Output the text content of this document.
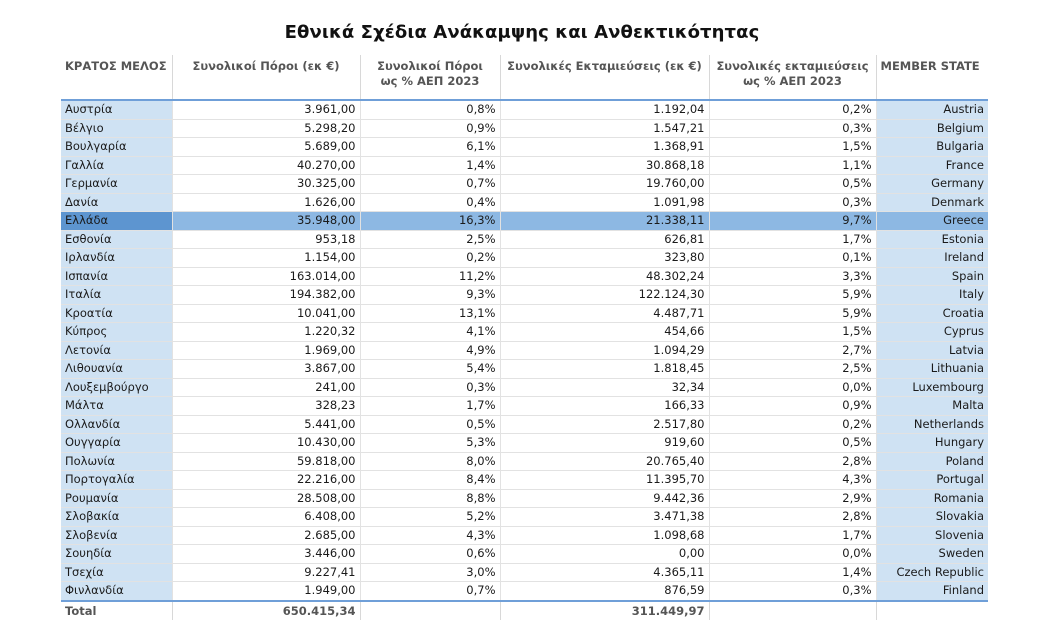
Εθνικά Σχέδια Ανάκαμψης και Ανθεκτικότητας
ΚΡΑΤΟΣ ΜΕΛΟΣ	Συνολικοί Πόροι (εκ €)	Συνολικοί Πόροι
ως % ΑΕΠ 2023	Συνολικές Εκταμιεύσεις (εκ €)	Συνολικές εκταμιεύσεις
ως % ΑΕΠ 2023	MEMBER STATE
Αυστρία	3.961,00	0,8%	1.192,04	0,2%	Austria
Βέλγιο	5.298,20	0,9%	1.547,21	0,3%	Belgium
Βουλγαρία	5.689,00	6,1%	1.368,91	1,5%	Bulgaria
Γαλλία	40.270,00	1,4%	30.868,18	1,1%	France
Γερμανία	30.325,00	0,7%	19.760,00	0,5%	Germany
Δανία	1.626,00	0,4%	1.091,98	0,3%	Denmark
Ελλάδα	35.948,00	16,3%	21.338,11	9,7%	Greece
Εσθονία	953,18	2,5%	626,81	1,7%	Estonia
Ιρλανδία	1.154,00	0,2%	323,80	0,1%	Ireland
Ισπανία	163.014,00	11,2%	48.302,24	3,3%	Spain
Ιταλία	194.382,00	9,3%	122.124,30	5,9%	Italy
Κροατία	10.041,00	13,1%	4.487,71	5,9%	Croatia
Κύπρος	1.220,32	4,1%	454,66	1,5%	Cyprus
Λετονία	1.969,00	4,9%	1.094,29	2,7%	Latvia
Λιθουανία	3.867,00	5,4%	1.818,45	2,5%	Lithuania
Λουξεμβούργο	241,00	0,3%	32,34	0,0%	Luxembourg
Μάλτα	328,23	1,7%	166,33	0,9%	Malta
Ολλανδία	5.441,00	0,5%	2.517,80	0,2%	Netherlands
Ουγγαρία	10.430,00	5,3%	919,60	0,5%	Hungary
Πολωνία	59.818,00	8,0%	20.765,40	2,8%	Poland
Πορτογαλία	22.216,00	8,4%	11.395,70	4,3%	Portugal
Ρουμανία	28.508,00	8,8%	9.442,36	2,9%	Romania
Σλοβακία	6.408,00	5,2%	3.471,38	2,8%	Slovakia
Σλοβενία	2.685,00	4,3%	1.098,68	1,7%	Slovenia
Σουηδία	3.446,00	0,6%	0,00	0,0%	Sweden
Τσεχία	9.227,41	3,0%	4.365,11	1,4%	Czech Republic
Φινλανδία	1.949,00	0,7%	876,59	0,3%	Finland
Total	650.415,34		311.449,97		
